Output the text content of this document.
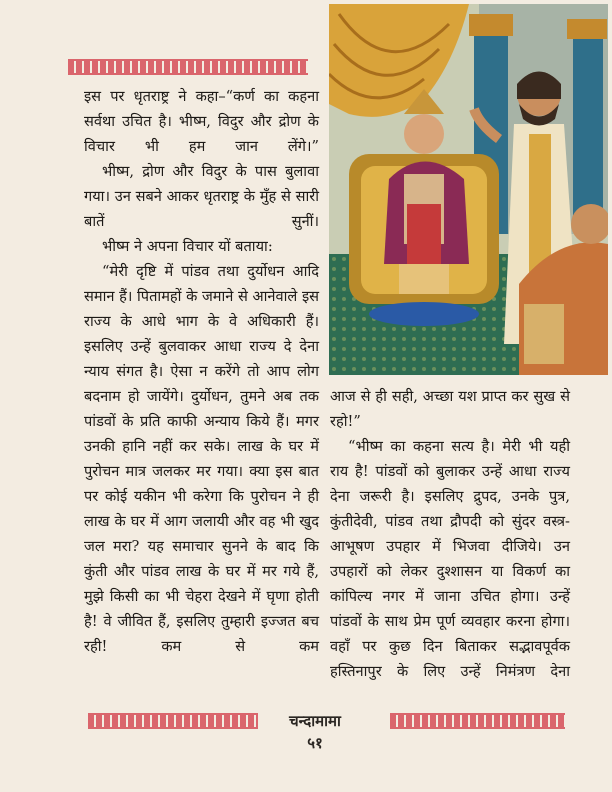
इस पर धृतराष्ट्र ने कहा–“कर्ण का कहना सर्वथा उचित है। भीष्म, विदुर और द्रोण के विचार भी हम जान लेंगे।”

भीष्म, द्रोण और विदुर के पास बुलावा गया। उन सबने आकर धृतराष्ट्र के मुँह से सारी बातें सुनीं।

भीष्म ने अपना विचार यों बताया:

“मेरी दृष्टि में पांडव तथा दुर्योधन आदि समान हैं। पितामहों के जमाने से आनेवाले इस राज्य के आधे भाग के वे अधिकारी हैं। इसलिए उन्हें बुलवाकर आधा राज्य दे देना न्याय संगत है। ऐसा न करेंगे तो आप लोग बदनाम हो जायेंगे। दुर्योधन, तुमने अब तक पांडवों के प्रति काफी अन्याय किये हैं। मगर उनकी हानि नहीं कर सके। लाख के घर में पुरोचन मात्र जलकर मर गया। क्या इस बात पर कोई यकीन भी करेगा कि पुरोचन ने ही लाख के घर में आग जलायी और वह भी खुद जल मरा? यह समाचार सुनने के बाद कि कुंती और पांडव लाख के घर में मर गये हैं, मुझे किसी का भी चेहरा देखने में घृणा होती है! वे जीवित हैं, इसलिए तुम्हारी इज्जत बच रही! कम से कम

आज से ही सही, अच्छा यश प्राप्त कर सुख से रहो!”

“भीष्म का कहना सत्य है। मेरी भी यही राय है! पांडवों को बुलाकर उन्हें आधा राज्य देना जरूरी है। इसलिए द्रुपद, उनके पुत्र, कुंतीदेवी, पांडव तथा द्रौपदी को सुंदर वस्त्र-आभूषण उपहार में भिजवा दीजिये। उन उपहारों को लेकर दुश्शासन या विकर्ण का कांपिल्य नगर में जाना उचित होगा। उन्हें पांडवों के साथ प्रेम पूर्ण व्यवहार करना होगा। वहाँ पर कुछ दिन बिताकर सद्भावपूर्वक हस्तिनापुर के लिए उन्हें निमंत्रण देना

चन्दामामा
५१
